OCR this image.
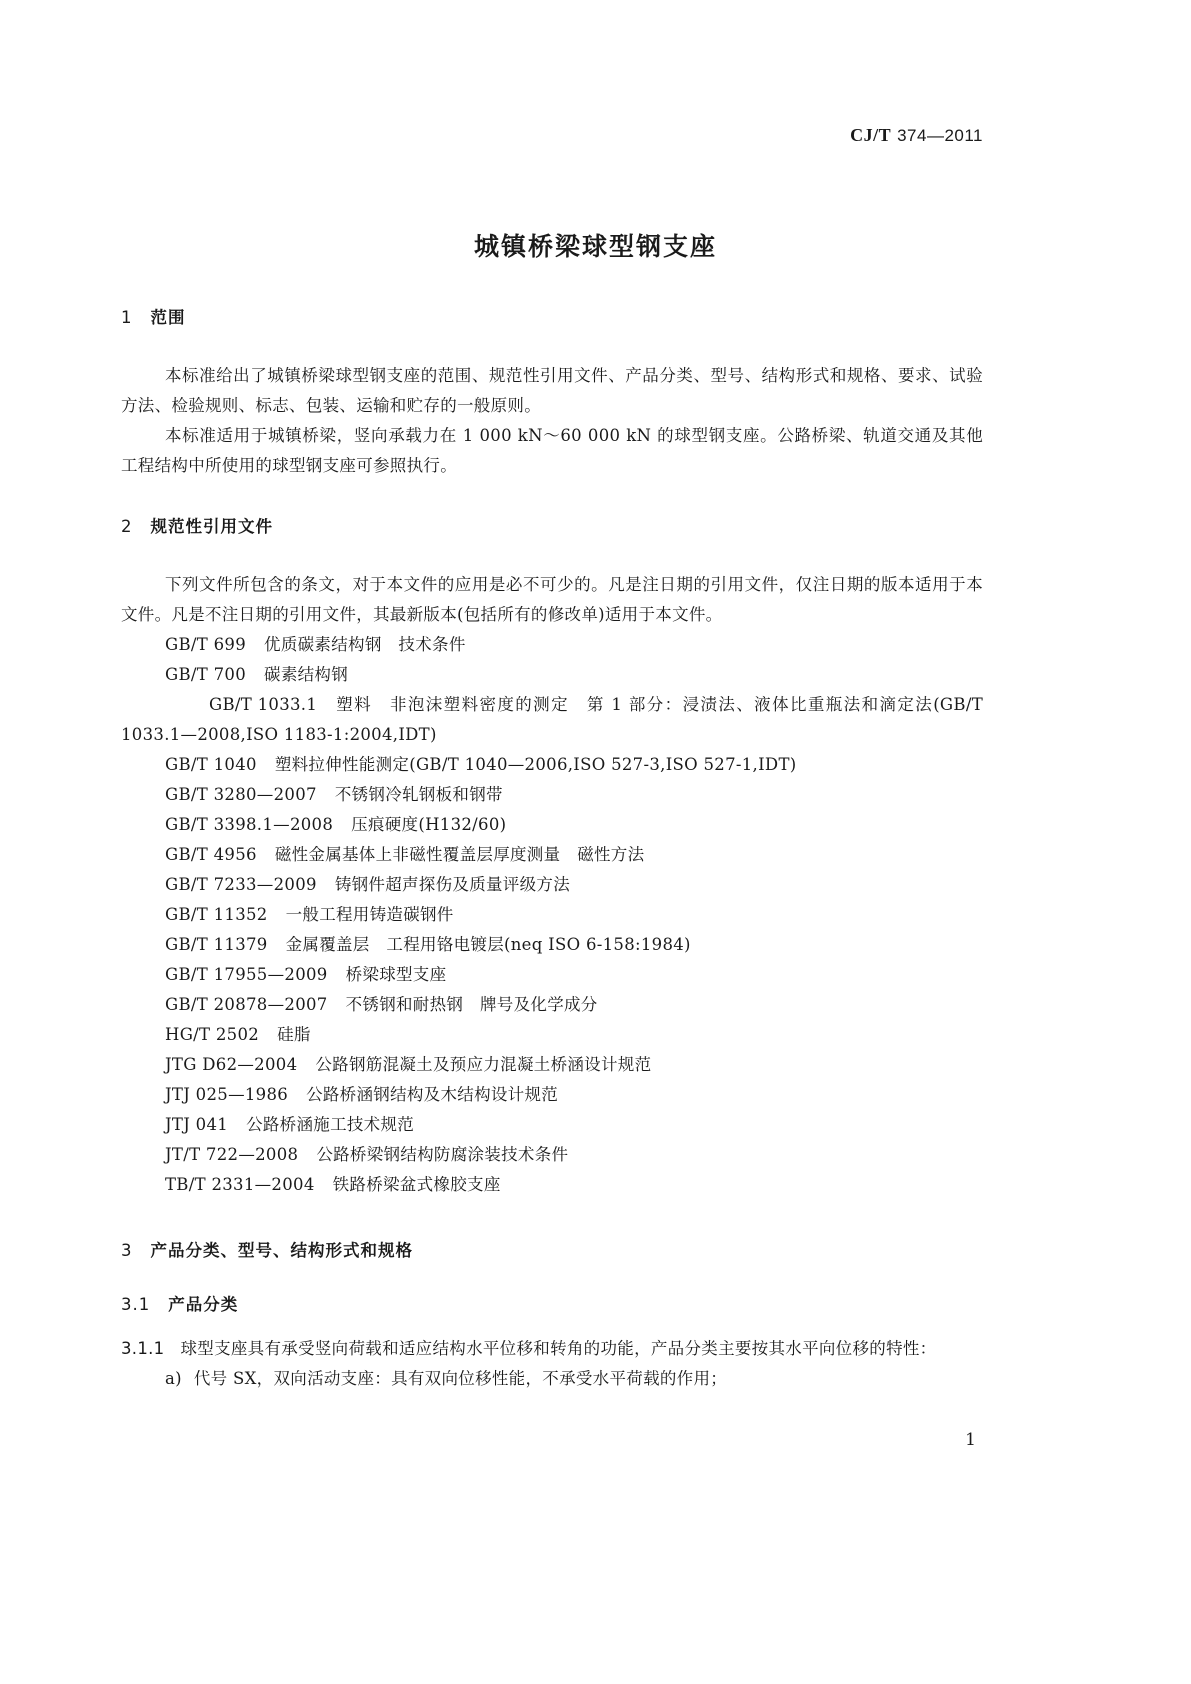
CJ/T 374—2011
城镇桥梁球型钢支座
1 范围

本标准给出了城镇桥梁球型钢支座的范围、规范性引用文件、产品分类、型号、结构形式和规格、要求、试验方法、检验规则、标志、包装、运输和贮存的一般原则。

本标准适用于城镇桥梁，竖向承载力在 1 000 kN～60 000 kN 的球型钢支座。公路桥梁、轨道交通及其他工程结构中所使用的球型钢支座可参照执行。

2 规范性引用文件

下列文件所包含的条文，对于本文件的应用是必不可少的。凡是注日期的引用文件，仅注日期的版本适用于本文件。凡是不注日期的引用文件，其最新版本(包括所有的修改单)适用于本文件。

GB/T 699 优质碳素结构钢　技术条件
GB/T 700 碳素结构钢
GB/T 1033.1 塑料　非泡沫塑料密度的测定　第 1 部分：浸渍法、液体比重瓶法和滴定法(GB/T 1033.1—2008,ISO 1183-1:2004,IDT)
GB/T 1040 塑料拉伸性能测定(GB/T 1040—2006,ISO 527-3,ISO 527-1,IDT)
GB/T 3280—2007 不锈钢冷轧钢板和钢带
GB/T 3398.1—2008 压痕硬度(H132/60)
GB/T 4956 磁性金属基体上非磁性覆盖层厚度测量　磁性方法
GB/T 7233—2009 铸钢件超声探伤及质量评级方法
GB/T 11352 一般工程用铸造碳钢件
GB/T 11379 金属覆盖层　工程用铬电镀层(neq ISO 6-158:1984)
GB/T 17955—2009 桥梁球型支座
GB/T 20878—2007 不锈钢和耐热钢　牌号及化学成分
HG/T 2502 硅脂
JTG D62—2004 公路钢筋混凝土及预应力混凝土桥涵设计规范
JTJ 025—1986 公路桥涵钢结构及木结构设计规范
JTJ 041 公路桥涵施工技术规范
JT/T 722—2008 公路桥梁钢结构防腐涂装技术条件
TB/T 2331—2004 铁路桥梁盆式橡胶支座
3 产品分类、型号、结构形式和规格
3.1 产品分类

3.1.1 球型支座具有承受竖向荷载和适应结构水平位移和转角的功能，产品分类主要按其水平向位移的特性：

a) 代号 SX，双向活动支座：具有双向位移性能，不承受水平荷载的作用；
1
